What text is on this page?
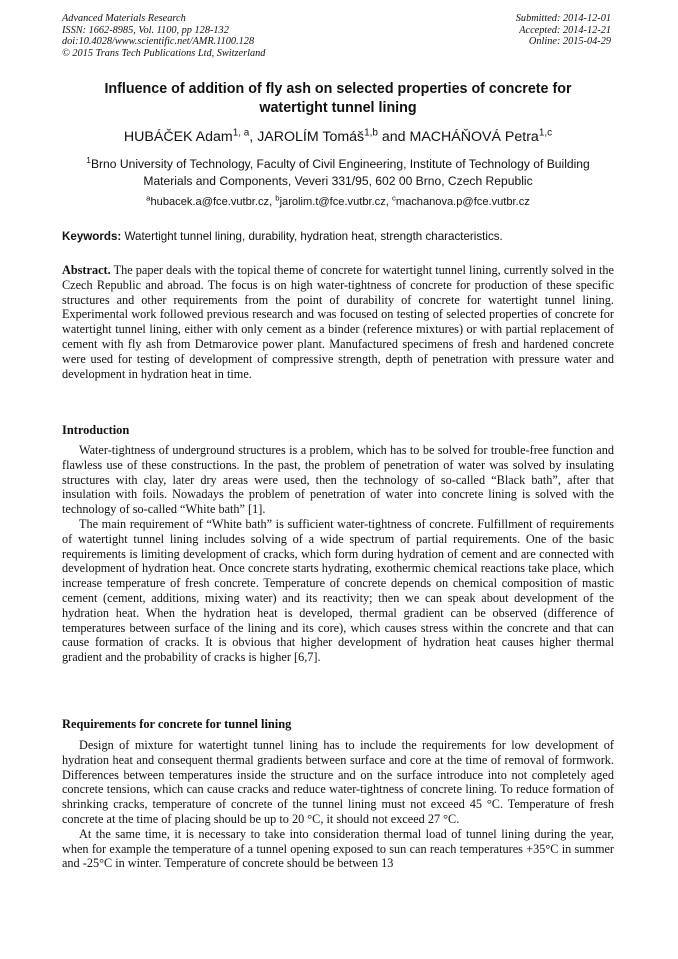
Advanced Materials Research
ISSN: 1662-8985, Vol. 1100, pp 128-132
doi:10.4028/www.scientific.net/AMR.1100.128
© 2015 Trans Tech Publications Ltd, Switzerland
Submitted: 2014-12-01
Accepted: 2014-12-21
Online: 2015-04-29
Influence of addition of fly ash on selected properties of concrete for
watertight tunnel lining
HUBÁČEK Adam$^{1, a}$, JAROLÍM Tomáš$^{1,b}$ and MACHÁŇOVÁ Petra$^{1,c}$
$^1$Brno University of Technology, Faculty of Civil Engineering, Institute of Technology of Building
Materials and Components, Veveri 331/95, 602 00 Brno, Czech Republic
$^a$hubacek.a@fce.vutbr.cz, $^b$jarolim.t@fce.vutbr.cz, $^c$machanova.p@fce.vutbr.cz
Keywords: Watertight tunnel lining, durability, hydration heat, strength characteristics.

Abstract. The paper deals with the topical theme of concrete for watertight tunnel lining, currently solved in the Czech Republic and abroad. The focus is on high water-tightness of concrete for production of these specific structures and other requirements from the point of durability of concrete for watertight tunnel lining. Experimental work followed previous research and was focused on testing of selected properties of concrete for watertight tunnel lining, either with only cement as a binder (reference mixtures) or with partial replacement of cement with fly ash from Detmarovice power plant. Manufactured specimens of fresh and hardened concrete were used for testing of development of compressive strength, depth of penetration with pressure water and development in hydration heat in time.

Introduction

Water-tightness of underground structures is a problem, which has to be solved for trouble-free function and flawless use of these constructions. In the past, the problem of penetration of water was solved by insulating structures with clay, later dry areas were used, then the technology of so-called “Black bath”, after that insulation with foils. Nowadays the problem of penetration of water into concrete lining is solved with the technology of so-called “White bath” [1].

The main requirement of “White bath” is sufficient water-tightness of concrete. Fulfillment of requirements of watertight tunnel lining includes solving of a wide spectrum of partial requirements. One of the basic requirements is limiting development of cracks, which form during hydration of cement and are connected with development of hydration heat. Once concrete starts hydrating, exothermic chemical reactions take place, which increase temperature of fresh concrete. Temperature of concrete depends on chemical composition of mastic cement (cement, additions, mixing water) and its reactivity; then we can speak about development of the hydration heat. When the hydration heat is developed, thermal gradient can be observed (difference of temperatures between surface of the lining and its core), which causes stress within the concrete and that can cause formation of cracks. It is obvious that higher development of hydration heat causes higher thermal gradient and the probability of cracks is higher [6,7].

Requirements for concrete for tunnel lining

Design of mixture for watertight tunnel lining has to include the requirements for low development of hydration heat and consequent thermal gradients between surface and core at the time of removal of formwork. Differences between temperatures inside the structure and on the surface introduce into not completely aged concrete tensions, which can cause cracks and reduce water-tightness of concrete lining. To reduce formation of shrinking cracks, temperature of concrete of the tunnel lining must not exceed 45 °C. Temperature of fresh concrete at the time of placing should be up to 20 °C, it should not exceed 27 °C.

At the same time, it is necessary to take into consideration thermal load of tunnel lining during the year, when for example the temperature of a tunnel opening exposed to sun can reach temperatures +35°C in summer and -25°C in winter. Temperature of concrete should be between 13
